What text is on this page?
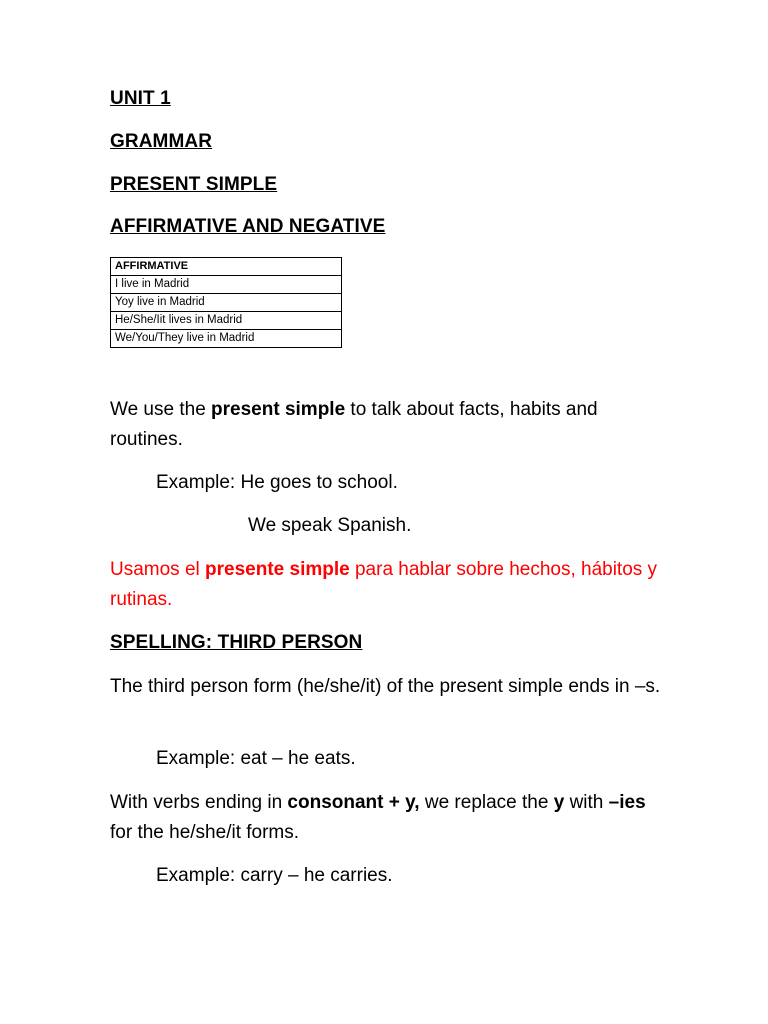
UNIT 1
GRAMMAR
PRESENT SIMPLE
AFFIRMATIVE AND NEGATIVE
AFFIRMATIVE
I live in Madrid
Yoy live in Madrid
He/She/Iit lives in Madrid
We/You/They live in Madrid
We use the present simple to talk about facts, habits and routines.
Example: He goes to school.
We speak Spanish.
Usamos el presente simple para hablar sobre hechos, hábitos y rutinas.
SPELLING: THIRD PERSON
The third person form (he/she/it) of the present simple ends in –s.
Example: eat – he eats.
With verbs ending in consonant + y, we replace the y with –ies for the he/she/it forms.
Example: carry – he carries.
